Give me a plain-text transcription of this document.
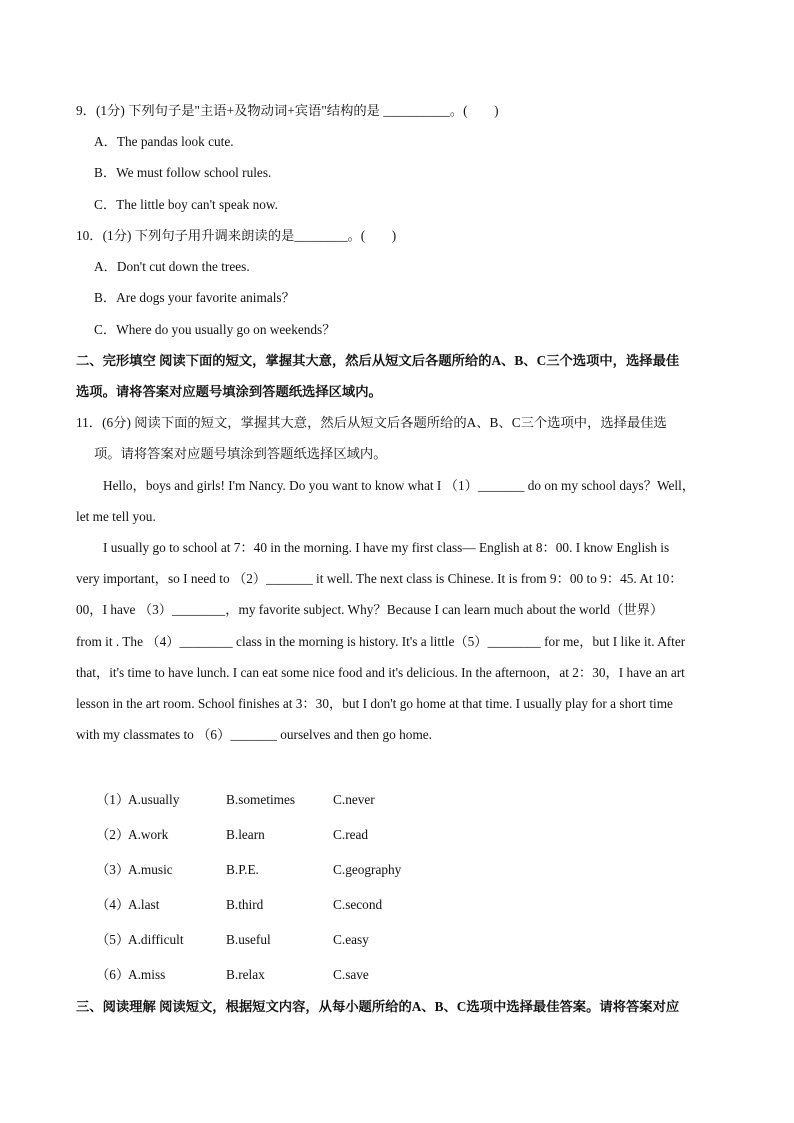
9．(1分) 下列句子是"主语+及物动词+宾语"结构的是 __________。(　　)
A．The pandas look cute.
B．We must follow school rules.
C．The little boy can't speak now.
10．(1分) 下列句子用升调来朗读的是________。(　　)
A．Don't cut down the trees.
B．Are dogs your favorite animals？
C．Where do you usually go on weekends？
二、完形填空 阅读下面的短文，掌握其大意，然后从短文后各题所给的A、B、C三个选项中，选择最佳
选项。请将答案对应题号填涂到答题纸选择区域内。
11．(6分) 阅读下面的短文，掌握其大意，然后从短文后各题所给的A、B、C三个选项中，选择最佳选
项。请将答案对应题号填涂到答题纸选择区域内。
Hello，boys and girls! I'm Nancy. Do you want to know what I （1）_______ do on my school days？Well，
let me tell you.
I usually go to school at 7：40 in the morning. I have my first class— English at 8：00. I know English is
very important，so I need to （2）_______ it well. The next class is Chinese. It is from 9：00 to 9：45. At 10：
00，I have （3）________，my favorite subject. Why？Because I can learn much about the world（世界）
from it . The （4）________ class in the morning is history. It's a little（5）________ for me，but I like it. After
that，it's time to have lunch. I can eat some nice food and it's delicious. In the afternoon，at 2：30，I have an art
lesson in the art room. School finishes at 3：30，but I don't go home at that time. I usually play for a short time
with my classmates to （6）_______ ourselves and then go home.
（1）
A.usually	B.sometimes	C.never
（2）
A.work	B.learn	C.read
（3）
A.music	B.P.E.	C.geography
（4）
A.last	B.third	C.second
（5）
A.difficult	B.useful	C.easy
（6）
A.miss	B.relax	C.save
三、阅读理解 阅读短文，根据短文内容，从每小题所给的A、B、C选项中选择最佳答案。请将答案对应
